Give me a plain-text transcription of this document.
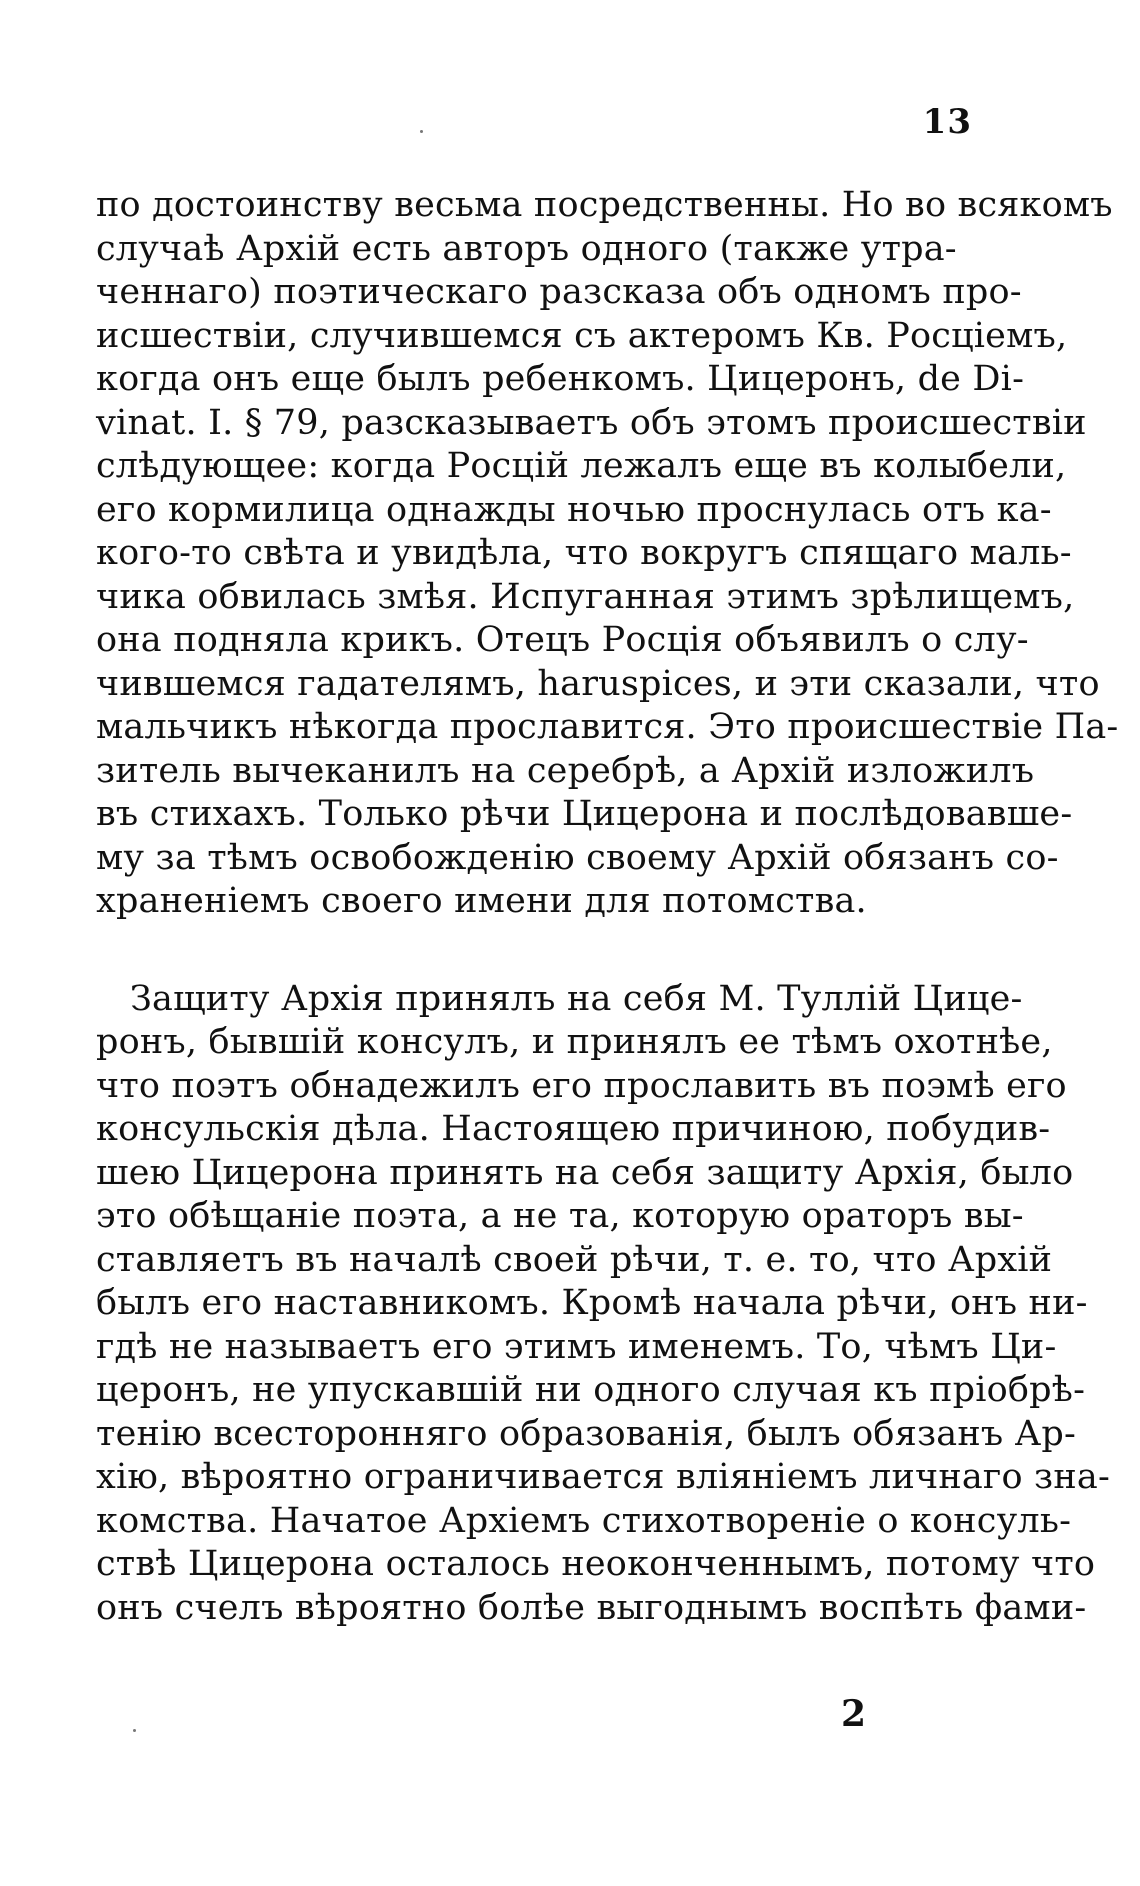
13
по достоинству весьма посредственны. Но во всякомъ
случаѣ Архій есть авторъ одного (также утра-
ченнаго) поэтическаго разсказа объ одномъ про-
исшествіи, случившемся съ актеромъ Кв. Росціемъ,
когда онъ еще былъ ребенкомъ. Цицеронъ, de Di-
vinat. I. § 79, разсказываетъ объ этомъ происшествіи
слѣдующее: когда Росцій лежалъ еще въ колыбели,
его кормилица однажды ночью проснулась отъ ка-
кого-то свѣта и увидѣла, что вокругъ спящаго маль-
чика обвилась змѣя. Испуганная этимъ зрѣлищемъ,
она подняла крикъ. Отецъ Росція объявилъ о слу-
чившемся гадателямъ, haruspices, и эти сказали, что
мальчикъ нѣкогда прославится. Это происшествіе Па-
зитель вычеканилъ на серебрѣ, а Архій изложилъ
въ стихахъ. Только рѣчи Цицерона и послѣдовавше-
му за тѣмъ освобожденію своему Архій обязанъ со-
храненіемъ своего имени для потомства.
Защиту Архія принялъ на себя М. Туллій Цице-
ронъ, бывшій консулъ, и принялъ ее тѣмъ охотнѣе,
что поэтъ обнадежилъ его прославить въ поэмѣ его
консульскія дѣла. Настоящею причиною, побудив-
шею Цицерона принять на себя защиту Архія, было
это обѣщаніе поэта, а не та, которую ораторъ вы-
ставляетъ въ началѣ своей рѣчи, т. е. то, что Архій
былъ его наставникомъ. Кромѣ начала рѣчи, онъ ни-
гдѣ не называетъ его этимъ именемъ. То, чѣмъ Ци-
церонъ, не упускавшій ни одного случая къ пріобрѣ-
тенію всесторонняго образованія, былъ обязанъ Ар-
хію, вѣроятно ограничивается вліяніемъ личнаго зна-
комства. Начатое Архіемъ стихотвореніе о консуль-
ствѣ Цицерона осталось неоконченнымъ, потому что
онъ счелъ вѣроятно болѣе выгоднымъ воспѣть фами-
2
